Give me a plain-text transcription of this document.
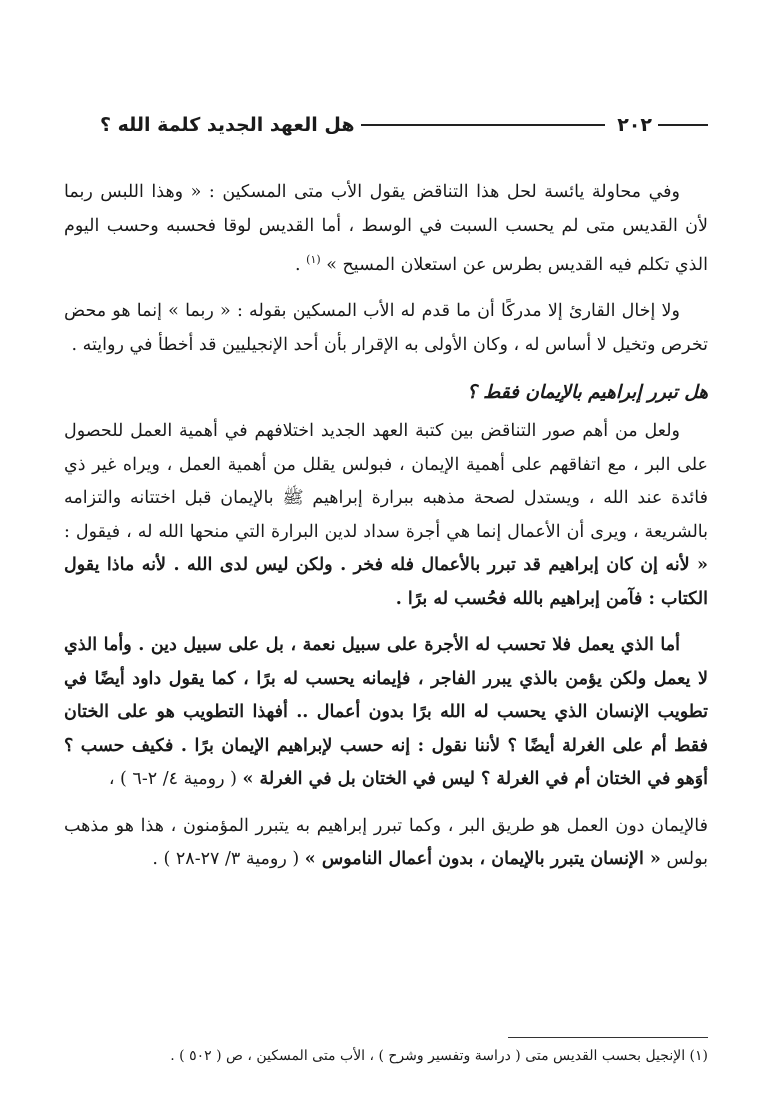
٢٠٢
هل العهد الجديد كلمة الله ؟

وفي محاولة يائسة لحل هذا التناقض يقول الأب متى المسكين : « وهذا اللبس ربما لأن القديس متى لم يحسب السبت في الوسط ، أما القديس لوقا فحسبه وحسب اليوم الذي تكلم فيه القديس بطرس عن استعلان المسيح » $^{(١)}$ .

ولا إخال القارئ إلا مدركًا أن ما قدم له الأب المسكين بقوله : « ربما » إنما هو محض تخرص وتخيل لا أساس له ، وكان الأولى به الإقرار بأن أحد الإنجيليين قد أخطأ في روايته .

هل تبرر إبراهيم بالإيمان فقط ؟

ولعل من أهم صور التناقض بين كتبة العهد الجديد اختلافهم في أهمية العمل للحصول على البر ، مع اتفاقهم على أهمية الإيمان ، فبولس يقلل من أهمية العمل ، ويراه غير ذي فائدة عند الله ، ويستدل لصحة مذهبه ببرارة إبراهيم ﷺ بالإيمان قبل اختتانه والتزامه بالشريعة ، ويرى أن الأعمال إنما هي أجرة سداد لدين البرارة التي منحها الله له ، فيقول : « لأنه إن كان إبراهيم قد تبرر بالأعمال فله فخر . ولكن ليس لدى الله . لأنه ماذا يقول الكتاب : فآمن إبراهيم بالله فحُسب له برًا .

أما الذي يعمل فلا تحسب له الأجرة على سبيل نعمة ، بل على سبيل دين . وأما الذي لا يعمل ولكن يؤمن بالذي يبرر الفاجر ، فإيمانه يحسب له برًا ، كما يقول داود أيضًا في تطويب الإنسان الذي يحسب له الله برًا بدون أعمال .. أفهذا التطويب هو على الختان فقط أم على الغرلة أيضًا ؟ لأننا نقول : إنه حسب لإبراهيم الإيمان برًا . فكيف حسب ؟ أوَهو في الختان أم في الغرلة ؟ ليس في الختان بل في الغرلة » ( رومية ٤/ ٢-٦ ) ،

فالإيمان دون العمل هو طريق البر ، وكما تبرر إبراهيم به يتبرر المؤمنون ، هذا هو مذهب بولس « الإنسان يتبرر بالإيمان ، بدون أعمال الناموس » ( رومية ٣/ ٢٧-٢٨ ) .

(١) الإنجيل بحسب القديس متى ( دراسة وتفسير وشرح ) ، الأب متى المسكين ، ص ( ٥٠٢ ) .
